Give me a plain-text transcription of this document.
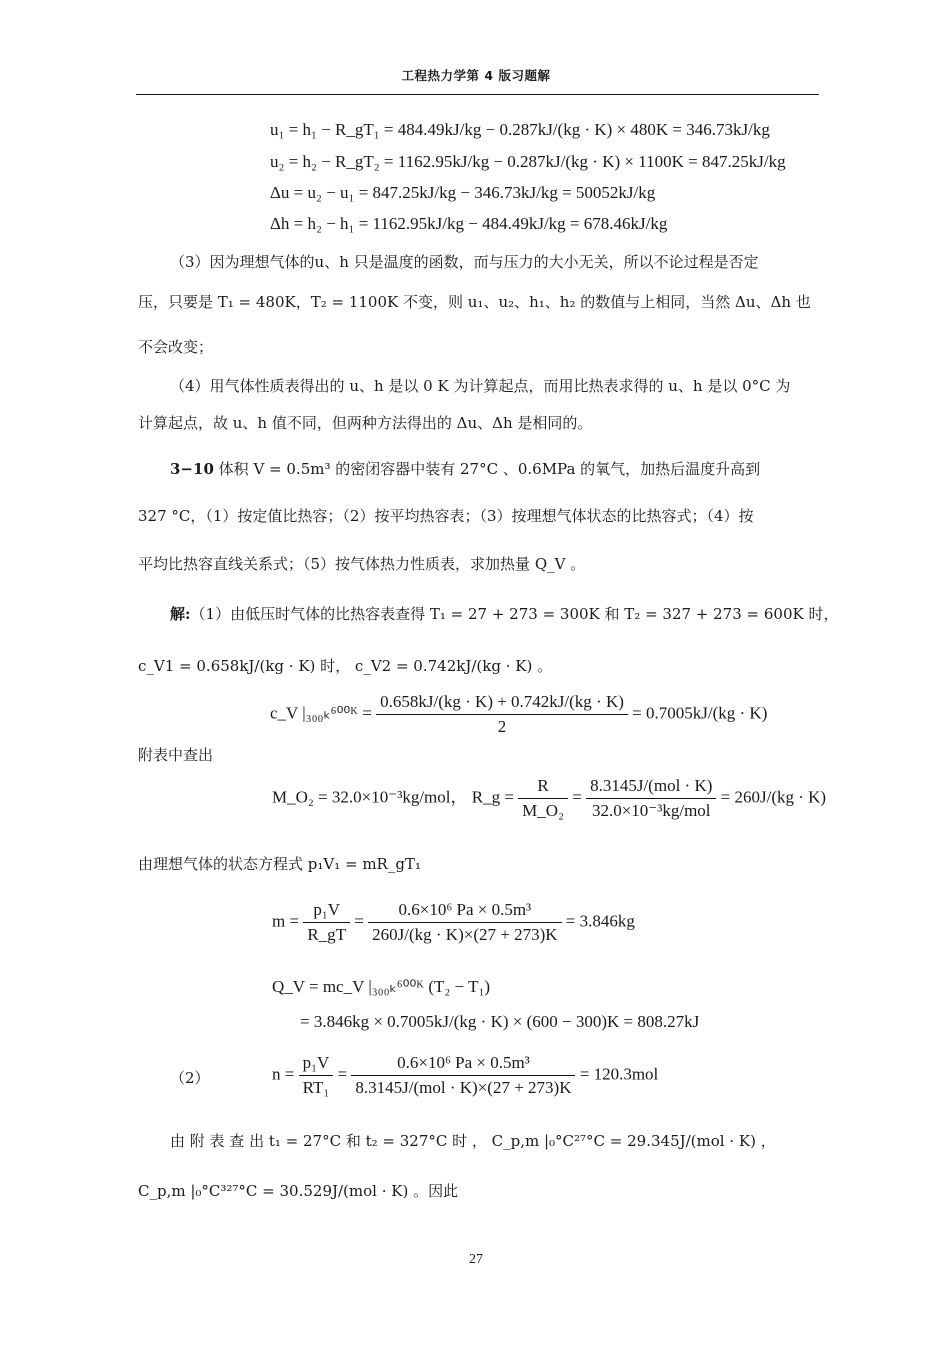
工程热力学第 4 版习题解
u₁ = h₁ − R_gT₁ = 484.49kJ/kg − 0.287kJ/(kg · K) × 480K = 346.73kJ/kg
u₂ = h₂ − R_gT₂ = 1162.95kJ/kg − 0.287kJ/(kg · K) × 1100K = 847.25kJ/kg
Δu = u₂ − u₁ = 847.25kJ/kg − 346.73kJ/kg = 50052kJ/kg
Δh = h₂ − h₁ = 1162.95kJ/kg − 484.49kJ/kg = 678.46kJ/kg
（3）因为理想气体的u、h 只是温度的函数，而与压力的大小无关，所以不论过程是否定
压，只要是 T₁ = 480K，T₂ = 1100K 不变，则 u₁、u₂、h₁、h₂ 的数值与上相同，当然 Δu、Δh 也
不会改变；
（4）用气体性质表得出的 u、h 是以 0 K 为计算起点，而用比热表求得的 u、h 是以 0°C 为
计算起点，故 u、h 值不同，但两种方法得出的 Δu、Δh 是相同的。
3−10 体积 V = 0.5m³ 的密闭容器中装有 27°C 、0.6MPa 的氧气，加热后温度升高到
327 °C，（1）按定值比热容；（2）按平均热容表；（3）按理想气体状态的比热容式；（4）按
平均比热容直线关系式；（5）按气体热力性质表，求加热量 Q_V 。
解:（1）由低压时气体的比热容表查得 T₁ = 27 + 273 = 300K 和 T₂ = 327 + 273 = 600K 时，
c_V1 = 0.658kJ/(kg · K) 时， c_V2 = 0.742kJ/(kg · K) 。
c_V |₃₀₀ₖ⁶⁰⁰ᴷ = $\frac{0.658kJ/(kg \cdot K) + 0.742kJ/(kg \cdot K)}{2} = 0.7005kJ/(kg \cdot K)$
附表中查出
M_O₂ = 32.0×10⁻³kg/mol， R_g = $\frac{R}{\text{M\_O₂}} = \frac{\text{8.3145J/(mol · K)}}{\text{32.0×10⁻³kg/mol}} = 260J/(kg \cdot K)$
由理想气体的状态方程式 p₁V₁ = mR_gT₁
$m = \frac{\text{p₁V}}{R\_gT} = \frac{\text{0.6×10⁶ Pa × 0.5m³}}{260J/(kg \cdot K)\times(27 + 273)K} = 3.846kg$
Q_V = mc_V |₃₀₀ₖ⁶⁰⁰ᴷ (T₂ − T₁)
= 3.846kg × 0.7005kJ/(kg · K) × (600 − 300)K = 808.27kJ
（2）	$n = \frac{\text{p₁V}}{\text{RT₁}} = \frac{\text{0.6×10⁶ Pa × 0.5m³}}{\text{8.3145J/(mol · K)×(27 + 273)K}} = 120.3mol$
由 附 表 查 出 t₁ = 27°C 和 t₂ = 327°C 时 ， C_p,m |₀°C²⁷°C = 29.345J/(mol · K) ，
C_p,m |₀°C³²⁷°C = 30.529J/(mol · K) 。因此
27
